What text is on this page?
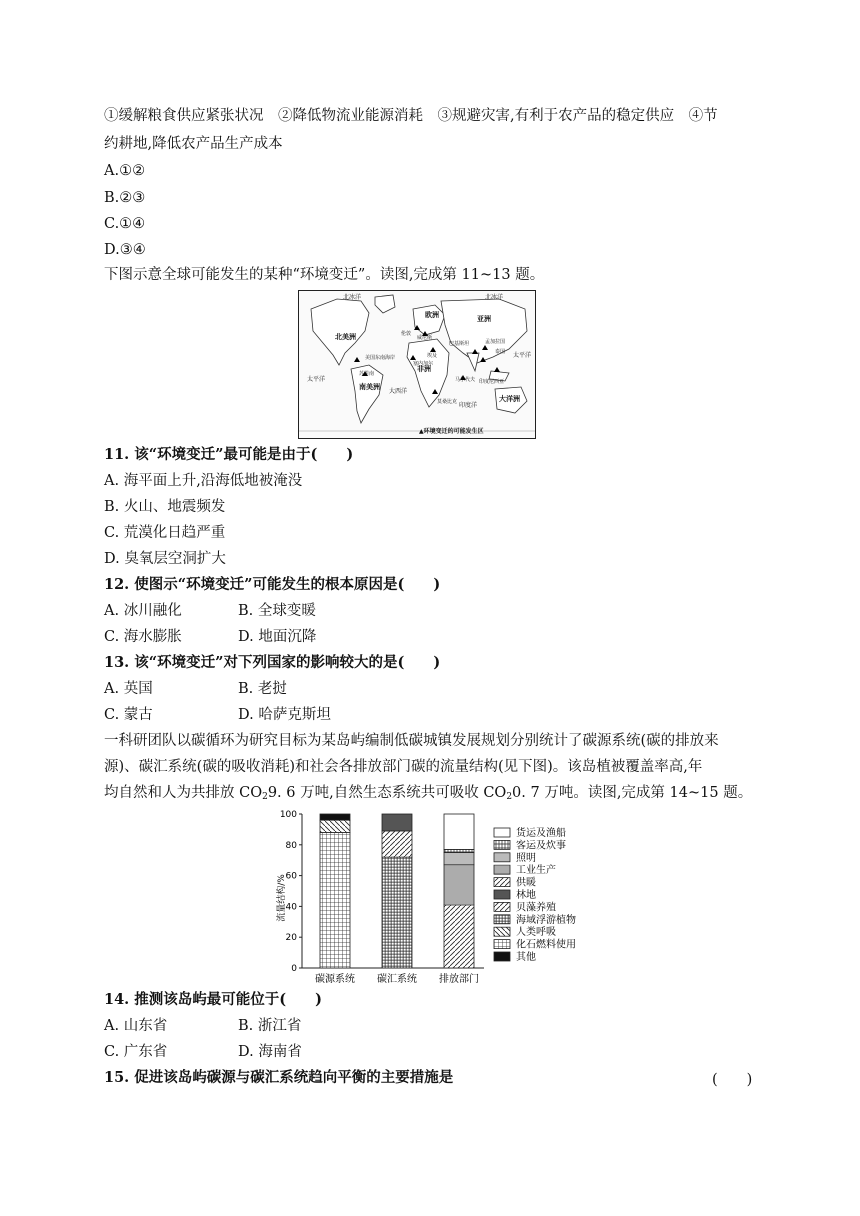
①缓解粮食供应紧张状况　②降低物流业能源消耗　③规避灾害,有利于农产品的稳定供应　④节
约耕地,降低农产品生产成本
A.①②
B.②③
C.①④
D.③④
下图示意全球可能发生的某种“环境变迁”。读图,完成第 11~13 题。
北冰洋	北冰洋
北美洲
欧洲	亚洲
非洲
南美洲
大洋洲
太平洋
太平洋
大西洋
印度洋
伦敦
威尼斯
美国东南海岸
孟加拉国
埃及
巴基斯坦
塞内加尔
苏里南
马尔代夫 印度尼西亚
莫桑比克
泰国
▲环境变迁的可能发生区
11. 该“环境变迁”最可能是由于(　　)
A. 海平面上升,沿海低地被淹没
B. 火山、地震频发
C. 荒漠化日趋严重
D. 臭氧层空洞扩大
12. 使图示“环境变迁”可能发生的根本原因是(　　)
A. 冰川融化	B. 全球变暖
C. 海水膨胀	D. 地面沉降
13. 该“环境变迁”对下列国家的影响较大的是(　　)
A. 英国	B. 老挝
C. 蒙古	D. 哈萨克斯坦
一科研团队以碳循环为研究目标为某岛屿编制低碳城镇发展规划分别统计了碳源系统(碳的排放来
源)、碳汇系统(碳的吸收消耗)和社会各排放部门碳的流量结构(见下图)。该岛植被覆盖率高,年
均自然和人为共排放 $CO_29$. 6 万吨,自然生态系统共可吸收 $CO_20$. 7 万吨。读图,完成第 14~15 题。
0
20
40
60
80
100
碳源系统 碳汇系统 排放部门
货运及渔船
客运及炊事
照明
工业生产
供暖
林地
贝藻养殖
海域浮游植物
人类呼吸
化石燃料使用
其他
流量结构/%
14. 推测该岛屿最可能位于(　　)
A. 山东省	B. 浙江省
C. 广东省	D. 海南省
15. 促进该岛屿碳源与碳汇系统趋向平衡的主要措施是	(　　)
